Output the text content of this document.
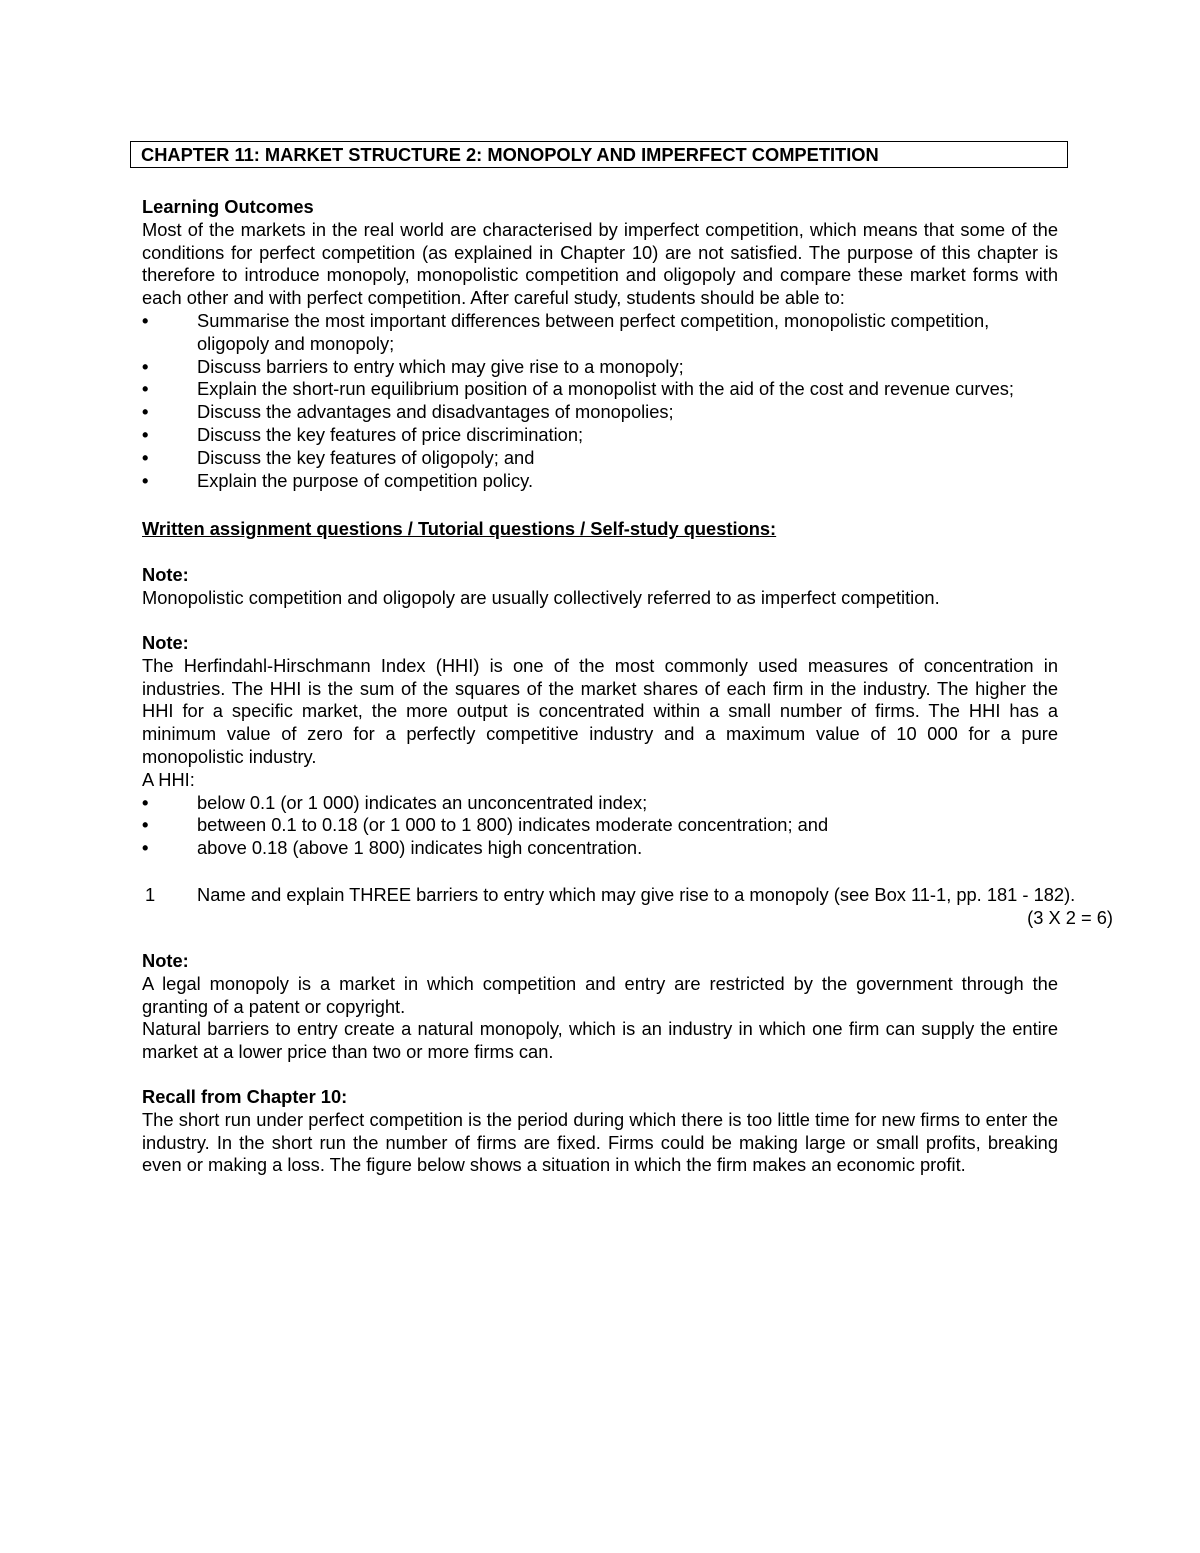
CHAPTER 11: MARKET STRUCTURE 2: MONOPOLY AND IMPERFECT COMPETITION
Learning Outcomes
Most of the markets in the real world are characterised by imperfect competition, which means that some of the conditions for perfect competition (as explained in Chapter 10) are not satisfied. The purpose of this chapter is therefore to introduce monopoly, monopolistic competition and oligopoly and compare these market forms with each other and with perfect competition. After careful study, students should be able to:
•	Summarise the most important differences between perfect competition, monopolistic competition, oligopoly and monopoly;
•	Discuss barriers to entry which may give rise to a monopoly;
•	Explain the short-run equilibrium position of a monopolist with the aid of the cost and revenue curves;
•	Discuss the advantages and disadvantages of monopolies;
•	Discuss the key features of price discrimination;
•	Discuss the key features of oligopoly; and
•	Explain the purpose of competition policy.
Written assignment questions / Tutorial questions / Self-study questions:
Note:
Monopolistic competition and oligopoly are usually collectively referred to as imperfect competition.
Note:
The Herfindahl-Hirschmann Index (HHI) is one of the most commonly used measures of concentration in industries. The HHI is the sum of the squares of the market shares of each firm in the industry. The higher the HHI for a specific market, the more output is concentrated within a small number of firms. The HHI has a minimum value of zero for a perfectly competitive industry and a maximum value of 10 000 for a pure monopolistic industry.
A HHI:
•	below 0.1 (or 1 000) indicates an unconcentrated index;
•	between 0.1 to 0.18 (or 1 000 to 1 800) indicates moderate concentration; and
•	above 0.18 (above 1 800) indicates high concentration.
1 Name and explain THREE barriers to entry which may give rise to a monopoly (see Box 11-1, pp. 181 - 182).
(3 X 2 = 6)
Note:
A legal monopoly is a market in which competition and entry are restricted by the government through the granting of a patent or copyright.
Natural barriers to entry create a natural monopoly, which is an industry in which one firm can supply the entire market at a lower price than two or more firms can.
Recall from Chapter 10:
The short run under perfect competition is the period during which there is too little time for new firms to enter the industry. In the short run the number of firms are fixed. Firms could be making large or small profits, breaking even or making a loss. The figure below shows a situation in which the firm makes an economic profit.
